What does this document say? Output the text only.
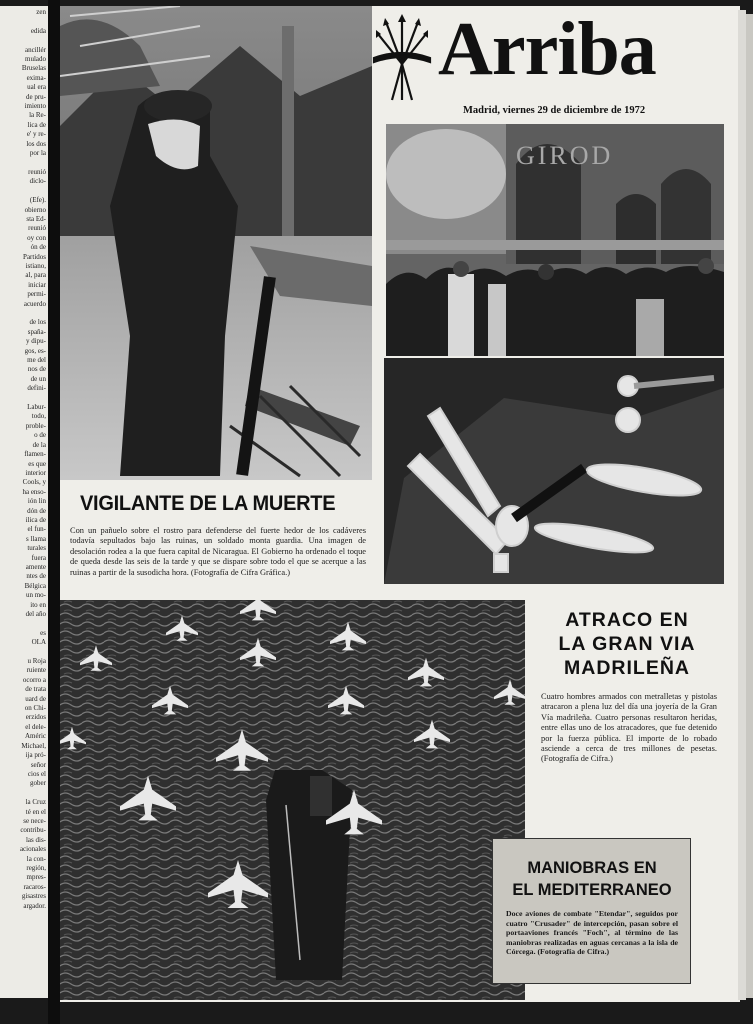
zen

edida

ancillér
mulado
Bruselas
exima-
ual era
de pru-
imiento
la Re-
lica de
e' y re-
los dos
por la

reunió
diclo-

(Efe).
obierno
sta Ed-
reunió
oy con
ón de
Partidos
istiano,
al, para
iniciar
permi-
acuerdo

de los
spaña-
y dipu-
gos, es-
me del
nos de
de un
defini-

Labur-
todo,
proble-
o de
de la
flamen-
es que
interior
Cools, y
ha enso-
ión lin
dón de
ilica de
el fun-
s llama
turales
fuera
amente
ntes de
Bélgica
un mo-
ito en
del año

es
OLA

u Roja
ruiente
ocorro a
de trata
uard de
on Chi-
erzidos
el dele-
Améric
Michael,
ija pró-
señor
cios el
gober

la Cruz
té en el
se nece-
contribu-
las dis-
acionales
la con-
región,
mpres-
racaros-
gisastres
argador.
Arriba
Madrid, viernes 29 de diciembre de 1972
GIROD
VIGILANTE DE LA MUERTE
Con un pañuelo sobre el rostro para defenderse del fuerte hedor de los cadáveres todavía sepultados bajo las ruinas, un soldado monta guardia. Una imagen de desolación rodea a la que fuera capital de Nicaragua. El Gobierno ha ordenado el toque de queda desde las seis de la tarde y que se dispare sobre todo el que se acerque a las ruinas a partir de la susodicha hora. (Fotografía de Cifra Gráfica.)
ATRACO EN
LA GRAN VIA
MADRILEÑA
Cuatro hombres armados con metralletas y pistolas atracaron a plena luz del día una joyería de la Gran Vía madrileña. Cuatro personas resultaron heridas, entre ellas uno de los atracadores, que fue detenido por la fuerza pública. El importe de lo robado asciende a cerca de tres millones de pesetas. (Fotografía de Cifra.)
MANIOBRAS EN
EL MEDITERRANEO
Doce aviones de combate "Etendar", seguidos por cuatro "Crusader" de intercepción, pasan sobre el portaaviones francés "Foch", al término de las maniobras realizadas en aguas cercanas a la isla de Córcega. (Fotografía de Cifra.)
